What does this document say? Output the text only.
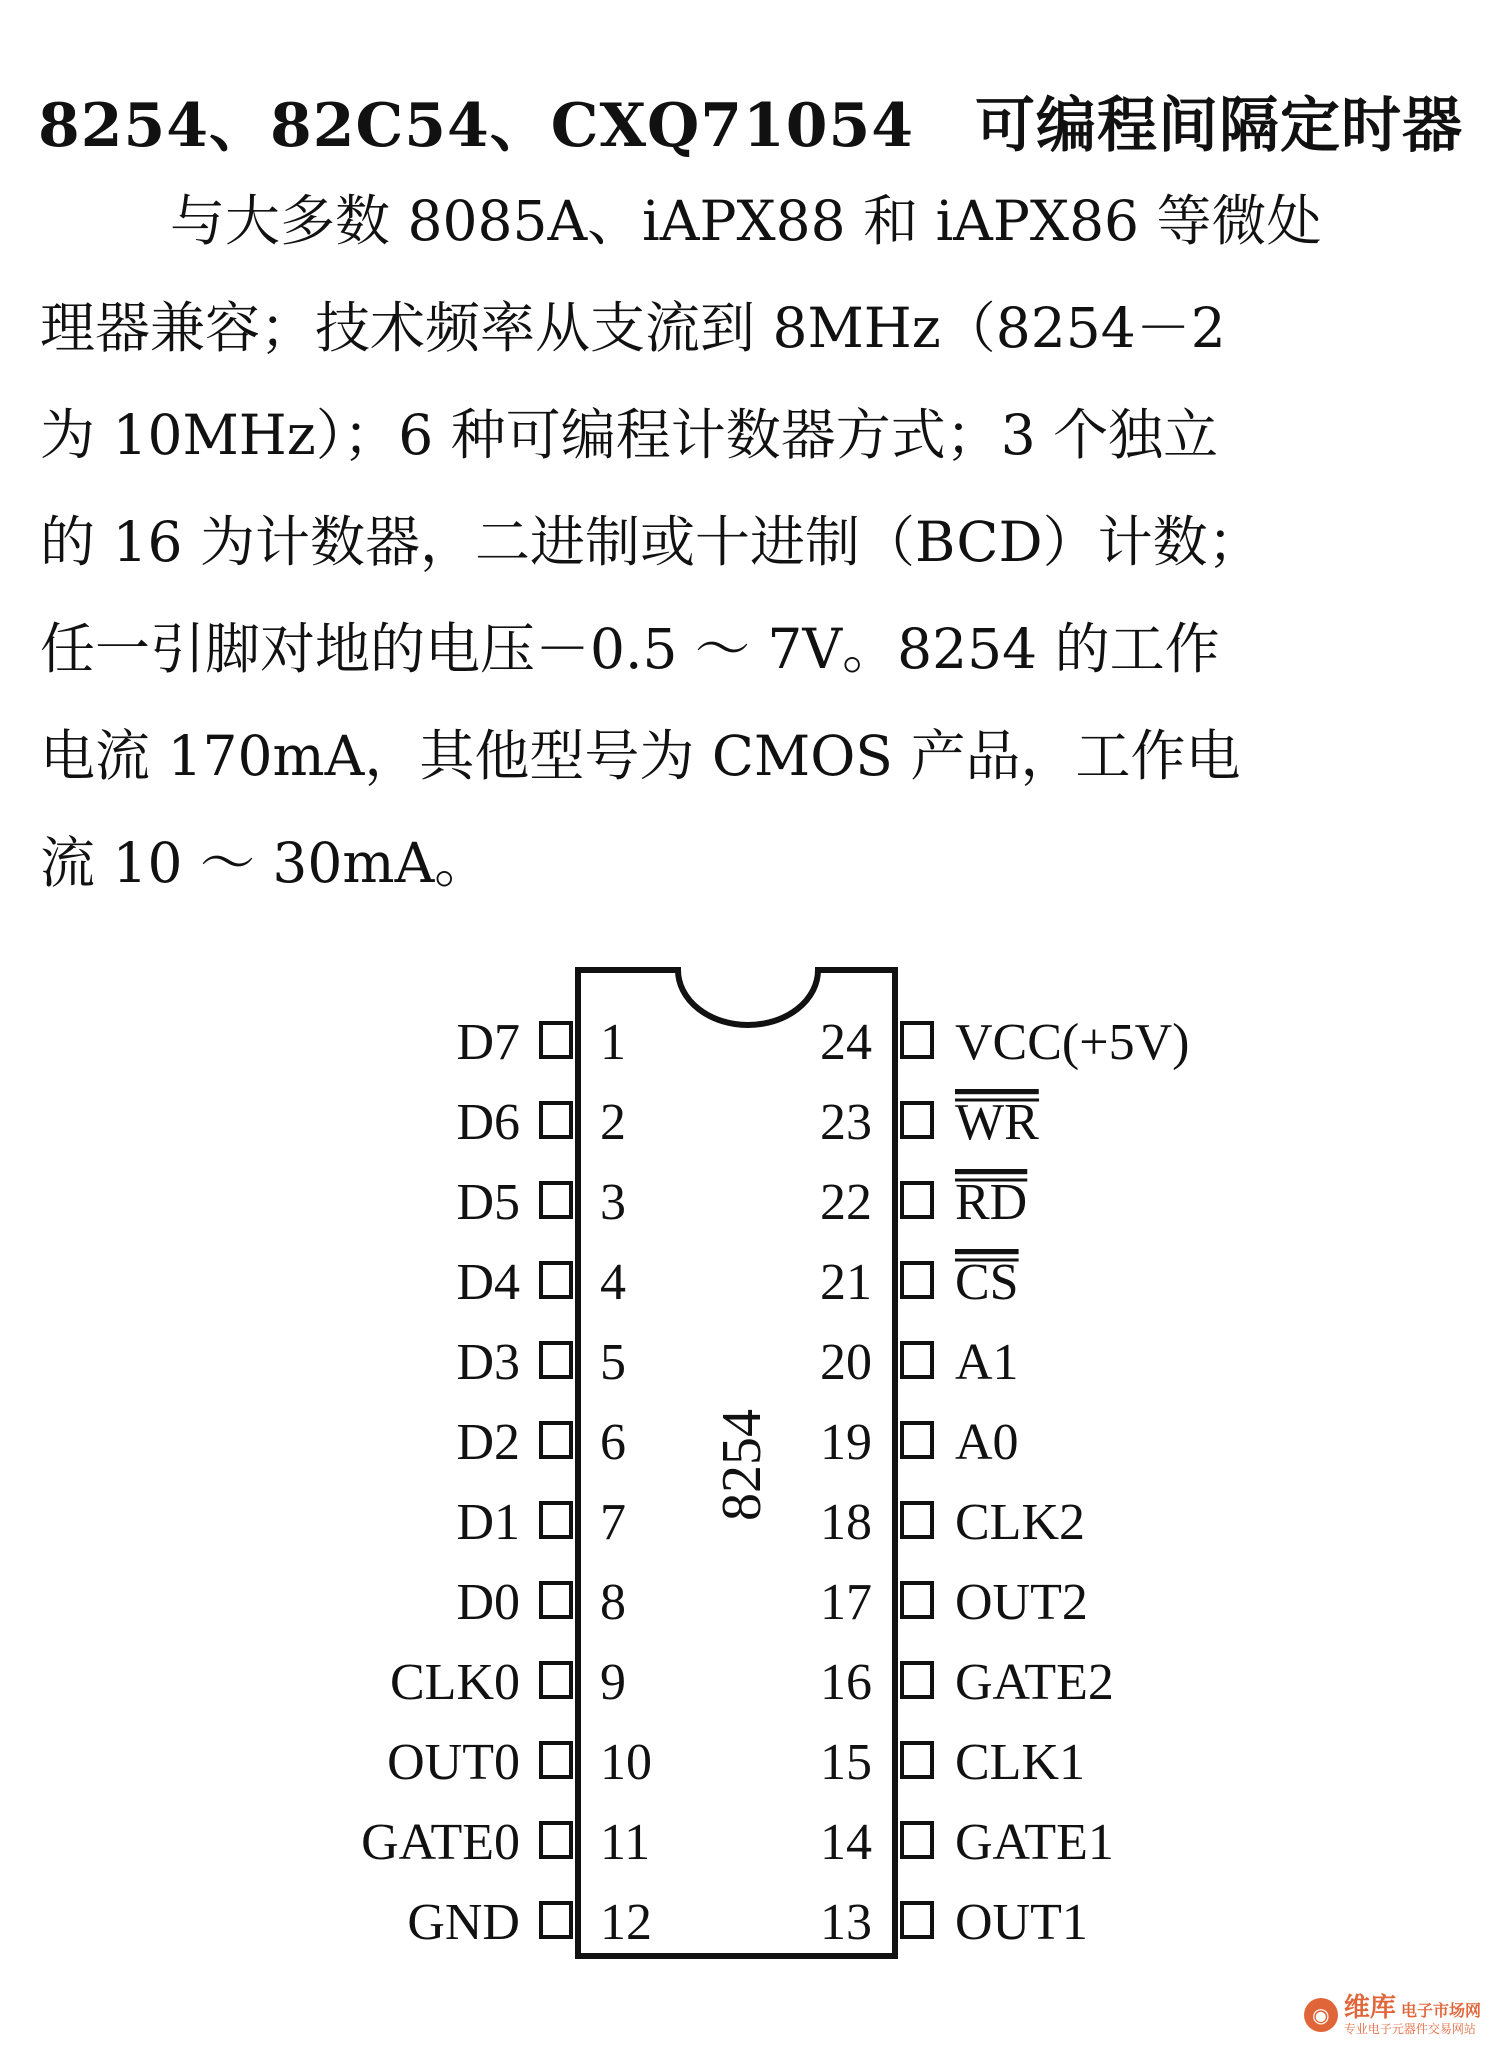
8254、82C54、CXQ71054　可编程间隔定时器

与大多数 8085A、iAPX88 和 iAPX86 等微处

理器兼容；技术频率从支流到 8MHz（8254－2

为 10MHz）；6 种可编程计数器方式；3 个独立

的 16 为计数器，二进制或十进制（BCD）计数；

任一引脚对地的电压－0.5 ～ 7V。8254 的工作

电流 170mA，其他型号为 CMOS 产品，工作电

流 10 ～ 30mA。

8254
D7 1
D6 2
D5 3
D4 4
D3 5
D2 6
D1 7
D0 8
CLK0 9
OUT0 10
GATE0 11
GND 12
24 VCC(+5V)
23 WR
22 RD
21 CS
20 A1
19 A0
18 CLK2
17 OUT2
16 GATE2
15 CLK1
14 GATE1
13 OUT1
◉ 维库 电子市场网
专业电子元器件交易网站
